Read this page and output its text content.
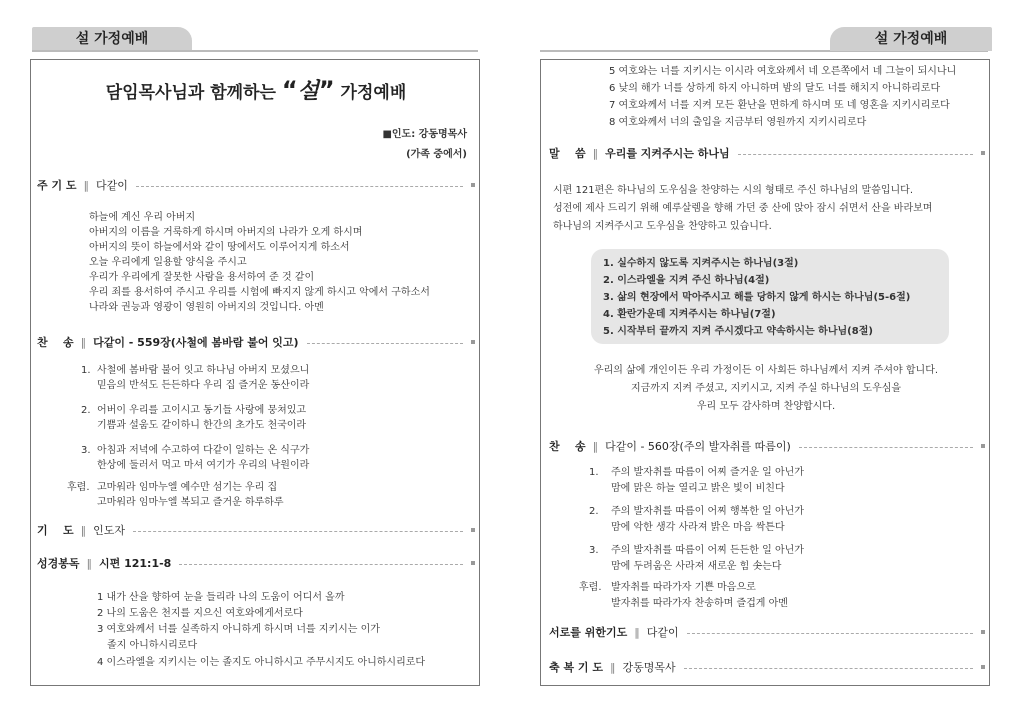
설 가정예배
담임목사님과 함께하는 “설” 가정예배
■인도: 강동명목사
(가족 중에서)
주 기 도 ‖ 다같이
하늘에 계신 우리 아버지
아버지의 이름을 거룩하게 하시며 아버지의 나라가 오게 하시며
아버지의 뜻이 하늘에서와 같이 땅에서도 이루어지게 하소서
오늘 우리에게 일용할 양식을 주시고
우리가 우리에게 잘못한 사람을 용서하여 준 것 같이
우리 죄를 용서하여 주시고 우리를 시험에 빠지지 않게 하시고 악에서 구하소서
나라와 권능과 영광이 영원히 아버지의 것입니다. 아멘
찬    송 ‖ 다같이 - 559장(사철에 봄바람 불어 잇고)
1. 사철에 봄바람 불어 잇고 하나님 아버지 모셨으니
믿음의 반석도 든든하다 우리 집 즐거운 동산이라
2. 어버이 우리를 고이시고 동기들 사랑에 뭉쳐있고
기쁨과 설움도 같이하니 한간의 초가도 천국이라
3. 아침과 저녁에 수고하여 다같이 일하는 온 식구가
한상에 둘러서 먹고 마셔 여기가 우리의 낙원이라
후렴. 고마워라 임마누엘 예수만 섬기는 우리 집
고마워라 임마누엘 복되고 즐거운 하루하루
기    도 ‖ 인도자
성경봉독 ‖ 시편 121:1-8
1 내가 산을 향하여 눈을 들리라 나의 도움이 어디서 올까
2 나의 도움은 천지를 지으신 여호와에게서로다
3 여호와께서 너를 실족하지 아니하게 하시며 너를 지키시는 이가
졸지 아니하시리로다
4 이스라엘을 지키시는 이는 졸지도 아니하시고 주무시지도 아니하시리로다
설 가정예배
5 여호와는 너를 지키시는 이시라 여호와께서 네 오른쪽에서 네 그늘이 되시나니
6 낮의 해가 너를 상하게 하지 아니하며 밤의 달도 너를 해치지 아니하리로다
7 여호와께서 너를 지켜 모든 환난을 면하게 하시며 또 네 영혼을 지키시리로다
8 여호와께서 너의 출입을 지금부터 영원까지 지키시리로다
말    씀 ‖ 우리를 지켜주시는 하나님
시편 121편은 하나님의 도우심을 찬양하는 시의 형태로 주신 하나님의 말씀입니다.
성전에 제사 드리기 위해 예루살렘을 향해 가던 중 산에 앉아 잠시 쉬면서 산을 바라보며
하나님의 지켜주시고 도우심을 찬양하고 있습니다.
1. 실수하지 않도록 지켜주시는 하나님(3절)
2. 이스라엘을 지켜 주신 하나님(4절)
3. 삶의 현장에서 막아주시고 해를 당하지 않게 하시는 하나님(5-6절)
4. 환란가운데 지켜주시는 하나님(7절)
5. 시작부터 끝까지 지켜 주시겠다고 약속하시는 하나님(8절)
우리의 삶에 개인이든 우리 가정이든 이 사회든 하나님께서 지켜 주셔야 합니다.
지금까지 지켜 주셨고, 지키시고, 지켜 주실 하나님의 도우심을
우리 모두 감사하며 찬양합시다.
찬    송 ‖ 다같이 - 560장(주의 발자취를 따름이)
1. 주의 발자취를 따름이 어찌 즐거운 일 아닌가
맘에 맑은 하늘 열리고 밝은 빛이 비친다
2. 주의 발자취를 따름이 어찌 행복한 일 아닌가
맘에 악한 생각 사라져 밝은 마음 싹튼다
3. 주의 발자취를 따름이 어찌 든든한 일 아닌가
맘에 두려움은 사라져 새로운 힘 솟는다
후렴. 발자취를 따라가자 기쁜 마음으로
발자취를 따라가자 찬송하며 즐겁게 아멘
서로를 위한기도 ‖ 다같이
축 복 기 도 ‖ 강동명목사
